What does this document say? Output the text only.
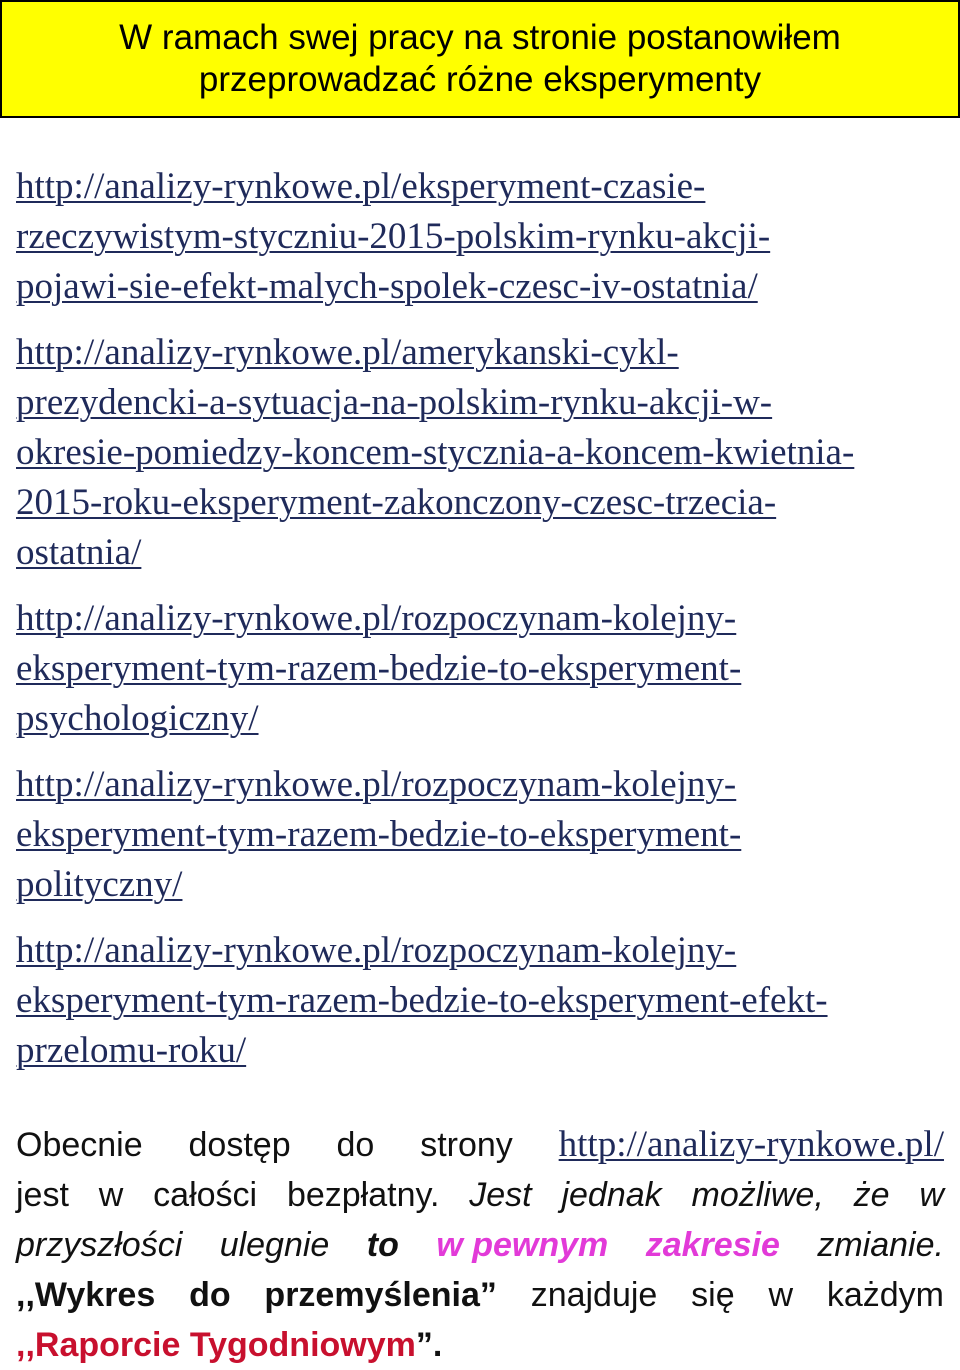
W ramach swej pracy na stronie postanowiłem
przeprowadzać różne eksperymenty
http://analizy-rynkowe.pl/eksperyment-czasie-
rzeczywistym-styczniu-2015-polskim-rynku-akcji-
pojawi-sie-efekt-malych-spolek-czesc-iv-ostatnia/
http://analizy-rynkowe.pl/amerykanski-cykl-
prezydencki-a-sytuacja-na-polskim-rynku-akcji-w-
okresie-pomiedzy-koncem-stycznia-a-koncem-kwietnia-
2015-roku-eksperyment-zakonczony-czesc-trzecia-
ostatnia/
http://analizy-rynkowe.pl/rozpoczynam-kolejny-
eksperyment-tym-razem-bedzie-to-eksperyment-
psychologiczny/
http://analizy-rynkowe.pl/rozpoczynam-kolejny-
eksperyment-tym-razem-bedzie-to-eksperyment-
polityczny/
http://analizy-rynkowe.pl/rozpoczynam-kolejny-
eksperyment-tym-razem-bedzie-to-eksperyment-efekt-
przelomu-roku/
Obecnie dostęp do strony http://analizy-rynkowe.pl/
jest w całości bezpłatny. Jest jednak możliwe, że w
przyszłości ulegnie to w pewnym zakresie zmianie.
,,Wykres do przemyślenia” znajduje się w każdym
,,Raporcie Tygodniowym ”.
